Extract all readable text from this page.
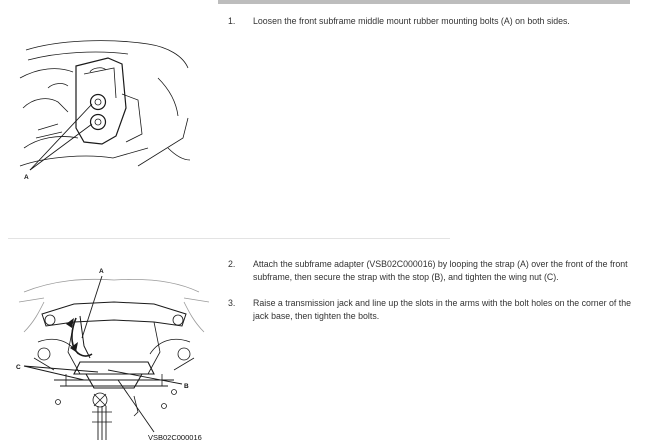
1.	Loosen the front subframe middle mount rubber mounting bolts (A) on both sides.
A
2.	Attach the subframe adapter (VSB02C000016) by looping the strap (A) over the front of the front subframe, then secure the strap with the stop (B), and tighten the wing nut (C).
3.	Raise a transmission jack and line up the slots in the arms with the bolt holes on the corner of the jack base, then tighten the bolts.
A
C
B
VSB02C000016
